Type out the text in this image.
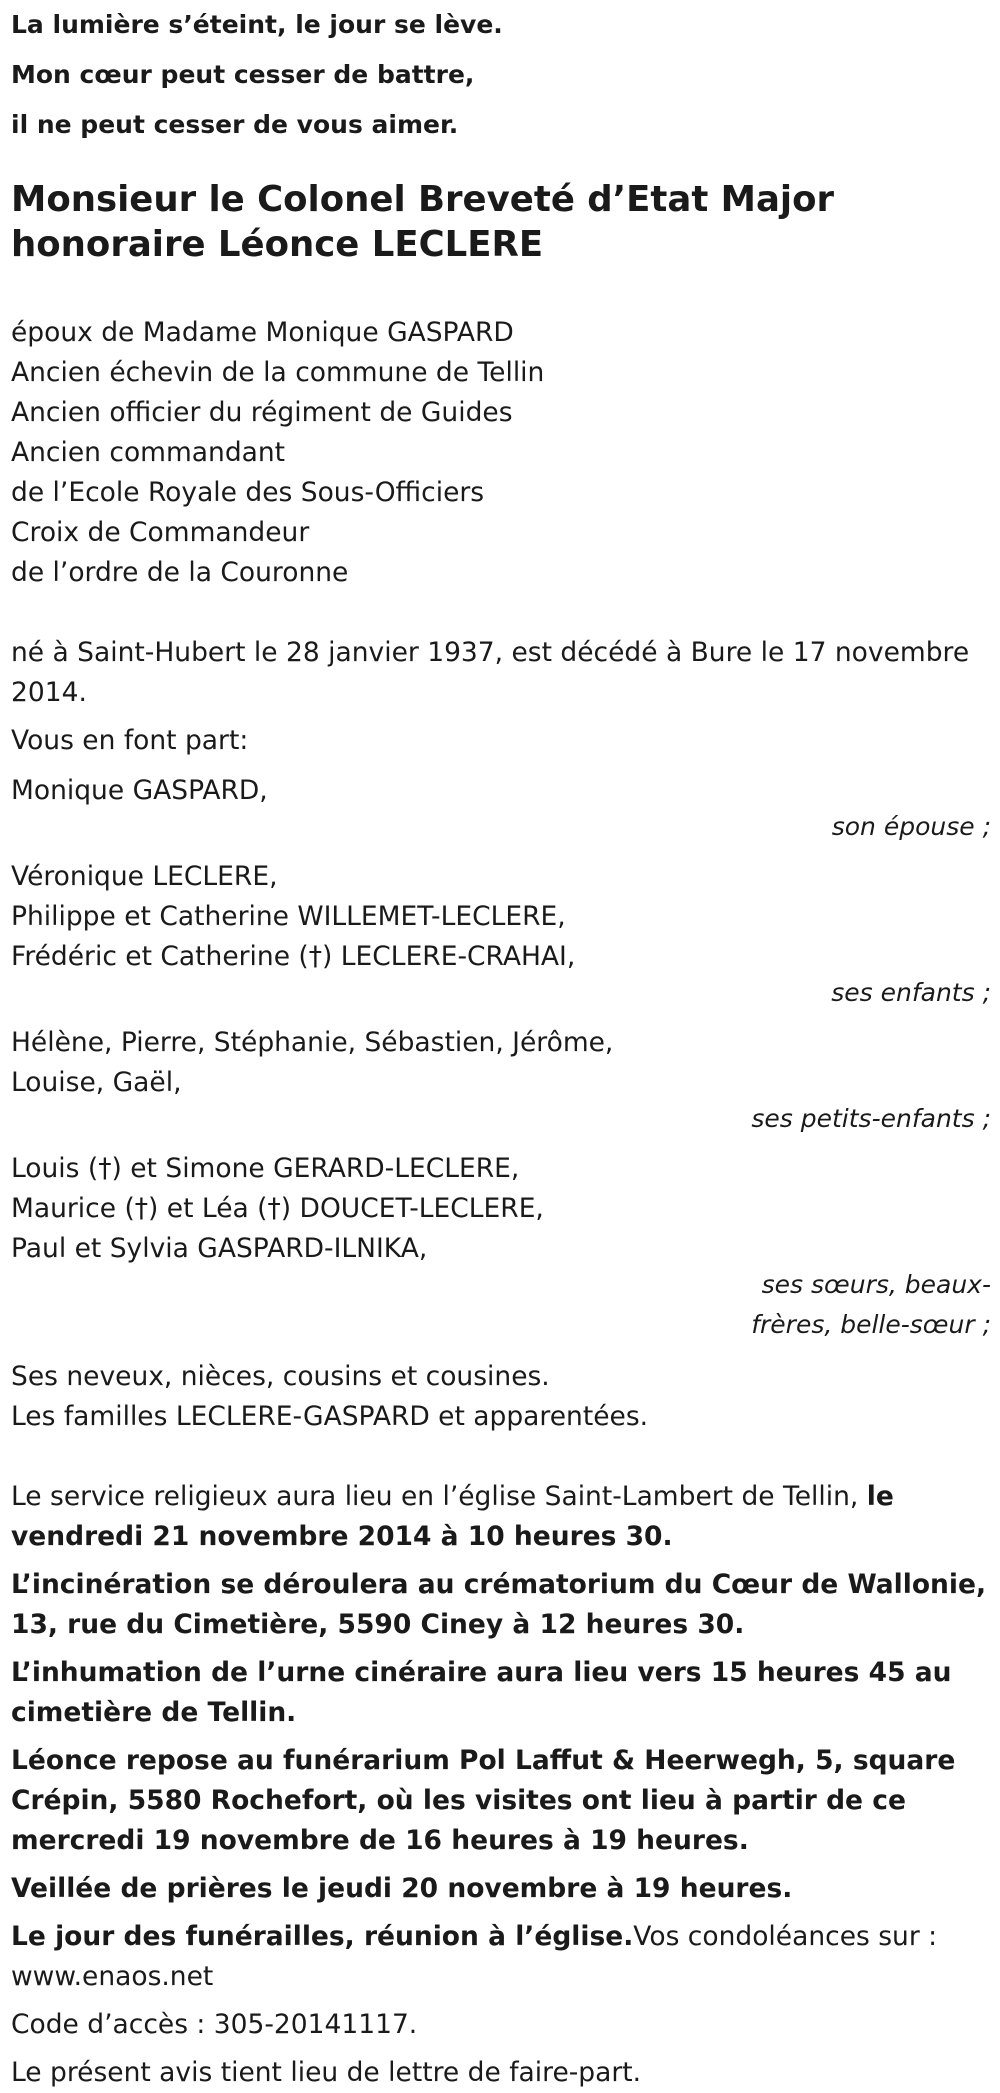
La lumière s’éteint, le jour se lève.

Mon cœur peut cesser de battre,

il ne peut cesser de vous aimer.

Monsieur le Colonel Breveté d’Etat Major
honoraire Léonce LECLERE
époux de Madame Monique GASPARD
Ancien échevin de la commune de Tellin
Ancien officier du régiment de Guides
Ancien commandant
de l’Ecole Royale des Sous-Officiers
Croix de Commandeur
de l’ordre de la Couronne
né à Saint-Hubert le 28 janvier 1937, est décédé à Bure le 17 novembre 2014.
Vous en font part:
Monique GASPARD,
son épouse ;
Véronique LECLERE,
Philippe et Catherine WILLEMET-LECLERE,
Frédéric et Catherine (†) LECLERE-CRAHAI,
ses enfants ;
Hélène, Pierre, Stéphanie, Sébastien, Jérôme,
Louise, Gaël,
ses petits-enfants ;
Louis (†) et Simone GERARD-LECLERE,
Maurice (†) et Léa (†) DOUCET-LECLERE,
Paul et Sylvia GASPARD-ILNIKA,
ses sœurs, beaux-
frères, belle-sœur ;
Ses neveux, nièces, cousins et cousines.
Les familles LECLERE-GASPARD et apparentées.
Le service religieux aura lieu en l’église Saint-Lambert de Tellin, le vendredi 21 novembre 2014 à 10 heures 30.
L’incinération se déroulera au crématorium du Cœur de Wallonie, 13, rue du Cimetière, 5590 Ciney à 12 heures 30.
L’inhumation de l’urne cinéraire aura lieu vers 15 heures 45 au cimetière de Tellin.
Léonce repose au funérarium Pol Laffut & Heerwegh, 5, square Crépin, 5580 Rochefort, où les visites ont lieu à partir de ce mercredi 19 novembre de 16 heures à 19 heures.
Veillée de prières le jeudi 20 novembre à 19 heures.
Le jour des funérailles, réunion à l’église.Vos condoléances sur : www.enaos.net
Code d’accès : 305-20141117.
Le présent avis tient lieu de lettre de faire-part.
